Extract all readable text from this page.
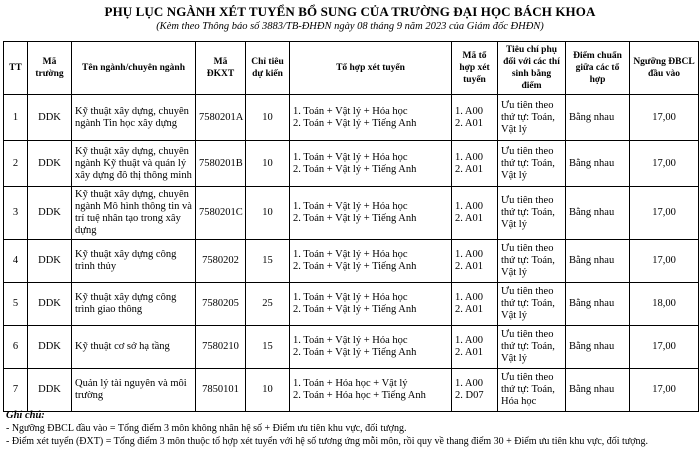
PHỤ LỤC NGÀNH XÉT TUYỂN BỔ SUNG CỦA TRƯỜNG ĐẠI HỌC BÁCH KHOA
(Kèm theo Thông báo số 3883/TB-ĐHĐN ngày 08 tháng 9 năm 2023 của Giám đốc ĐHĐN)
TT	Mã trường	Tên ngành/chuyên ngành	Mã ĐKXT	Chỉ tiêu dự kiến	Tổ hợp xét tuyển	Mã tổ hợp xét tuyển	Tiêu chí phụ đối với các thí sinh bằng điểm	Điểm chuẩn giữa các tổ hợp	Ngưỡng ĐBCL đầu vào
1	DDK	Kỹ thuật xây dựng, chuyên ngành Tin học xây dựng	7580201A	10	1. Toán + Vật lý + Hóa học
2. Toán + Vật lý + Tiếng Anh	1. A00
2. A01	Ưu tiên theo thứ tự: Toán, Vật lý	Bằng nhau	17,00
2	DDK	Kỹ thuật xây dựng, chuyên ngành Kỹ thuật và quản lý xây dựng đô thị thông minh	7580201B	10	1. Toán + Vật lý + Hóa học
2. Toán + Vật lý + Tiếng Anh	1. A00
2. A01	Ưu tiên theo thứ tự: Toán, Vật lý	Bằng nhau	17,00
3	DDK	Kỹ thuật xây dựng, chuyên ngành Mô hình thông tin và trí tuệ nhân tạo trong xây dựng	7580201C	10	1. Toán + Vật lý + Hóa học
2. Toán + Vật lý + Tiếng Anh	1. A00
2. A01	Ưu tiên theo thứ tự: Toán, Vật lý	Bằng nhau	17,00
4	DDK	Kỹ thuật xây dựng công trình thủy	7580202	15	1. Toán + Vật lý + Hóa học
2. Toán + Vật lý + Tiếng Anh	1. A00
2. A01	Ưu tiên theo thứ tự: Toán, Vật lý	Bằng nhau	17,00
5	DDK	Kỹ thuật xây dựng công trình giao thông	7580205	25	1. Toán + Vật lý + Hóa học
2. Toán + Vật lý + Tiếng Anh	1. A00
2. A01	Ưu tiên theo thứ tự: Toán, Vật lý	Bằng nhau	18,00
6	DDK	Kỹ thuật cơ sở hạ tầng	7580210	15	1. Toán + Vật lý + Hóa học
2. Toán + Vật lý + Tiếng Anh	1. A00
2. A01	Ưu tiên theo thứ tự: Toán, Vật lý	Bằng nhau	17,00
7	DDK	Quản lý tài nguyên và môi trường	7850101	10	1. Toán + Hóa học + Vật lý
2. Toán + Hóa học + Tiếng Anh	1. A00
2. D07	Ưu tiên theo thứ tự: Toán, Hóa học	Bằng nhau	17,00
Ghi chú:
- Ngưỡng ĐBCL đầu vào = Tổng điểm 3 môn không nhân hệ số + Điểm ưu tiên khu vực, đối tượng.
- Điểm xét tuyển (ĐXT) = Tổng điểm 3 môn thuộc tổ hợp xét tuyển với hệ số tương ứng mỗi môn, rồi quy về thang điểm 30 + Điểm ưu tiên khu vực, đối tượng.
